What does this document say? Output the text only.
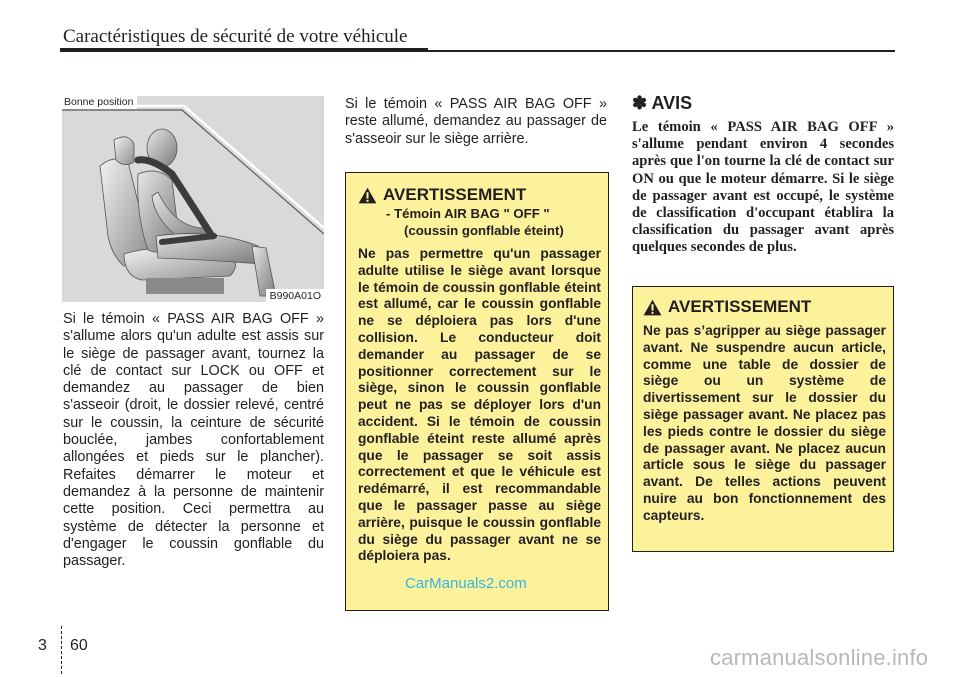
Caractéristiques de sécurité de votre véhicule
Bonne position
B990A01O

Si le témoin « PASS AIR BAG OFF » s'allume alors qu'un adulte est assis sur le siège de passager avant, tournez la clé de contact sur LOCK ou OFF et demandez au passager de bien s'asseoir (droit, le dossier relevé, centré sur le coussin, la ceinture de sécurité bouclée, jambes confortablement allongées et pieds sur le plancher). Refaites démarrer le moteur et demandez à la personne de maintenir cette position. Ceci permettra au système de détecter la personne et d'engager le coussin gonflable du passager.

Si le témoin « PASS AIR BAG OFF » reste allumé, demandez au passager de s'asseoir sur le siège arrière.

AVERTISSEMENT
- Témoin AIR BAG " OFF "
(coussin gonflable éteint)

Ne pas permettre qu'un passager adulte utilise le siège avant lorsque le témoin de coussin gonflable éteint est allumé, car le coussin gonflable ne se déploiera pas lors d'une collision. Le conducteur doit demander au passager de se positionner correctement sur le siège, sinon le coussin gonflable peut ne pas se déployer lors d'un accident. Si le témoin de coussin gonflable éteint reste allumé après que le passager se soit assis correctement et que le véhicule est redémarré, il est recommandable que le passager passe au siège arrière, puisque le coussin gonflable du siège du passager avant ne se déploiera pas.

✽ AVIS

Le témoin « PASS AIR BAG OFF » s'allume pendant environ 4 secondes après que l'on tourne la clé de contact sur ON ou que le moteur démarre. Si le siège de passager avant est occupé, le système de classification d'occupant établira la classification du passager avant après quelques secondes de plus.

AVERTISSEMENT

Ne pas s’agripper au siège passager avant. Ne suspendre aucun article, comme une table de dossier de siège ou un système de divertissement sur le dossier du siège passager avant. Ne placez pas les pieds contre le dossier du siège de passager avant. Ne placez aucun article sous le siège du passager avant. De telles actions peuvent nuire au bon fonctionnement des capteurs.

CarManuals2.com
3 60	carmanualsonline.info
